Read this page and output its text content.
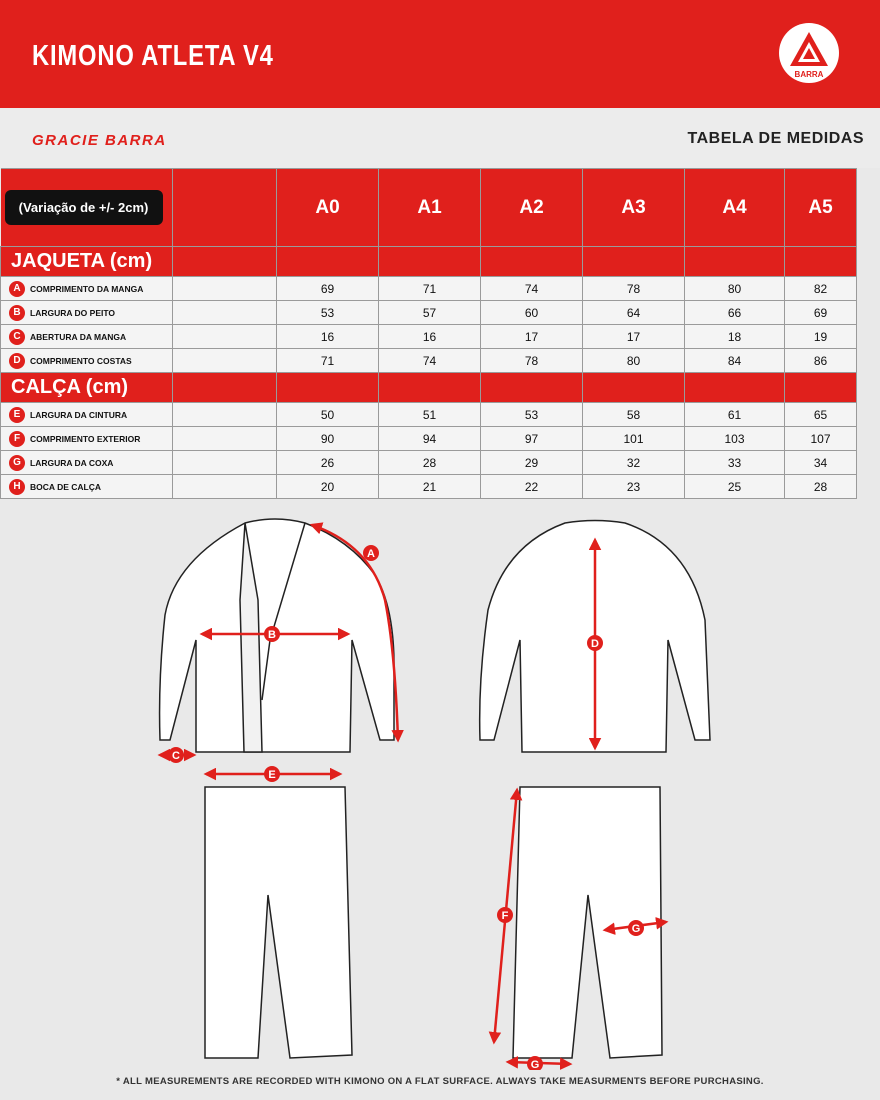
KIMONO ATLETA V4
BARRA
GRACIE BARRA	TABELA DE MEDIDAS
(Variação de +/- 2cm)		A0	A1	A2	A3	A4	A5
JAQUETA (cm)							
A COMPRIMENTO DA MANGA		69	71	74	78	80	82
B LARGURA DO PEITO		53	57	60	64	66	69
C ABERTURA DA MANGA		16	16	17	17	18	19
D COMPRIMENTO COSTAS		71	74	78	80	84	86
CALÇA (cm)							
E LARGURA DA CINTURA		50	51	53	58	61	65
F COMPRIMENTO EXTERIOR		90	94	97	101	103	107
G LARGURA DA COXA		26	28	29	32	33	34
H BOCA DE CALÇA		20	21	22	23	25	28
A
B
C
D
E
F
G
G
* ALL MEASUREMENTS ARE RECORDED WITH KIMONO ON A FLAT SURFACE. ALWAYS TAKE MEASURMENTS BEFORE PURCHASING.
